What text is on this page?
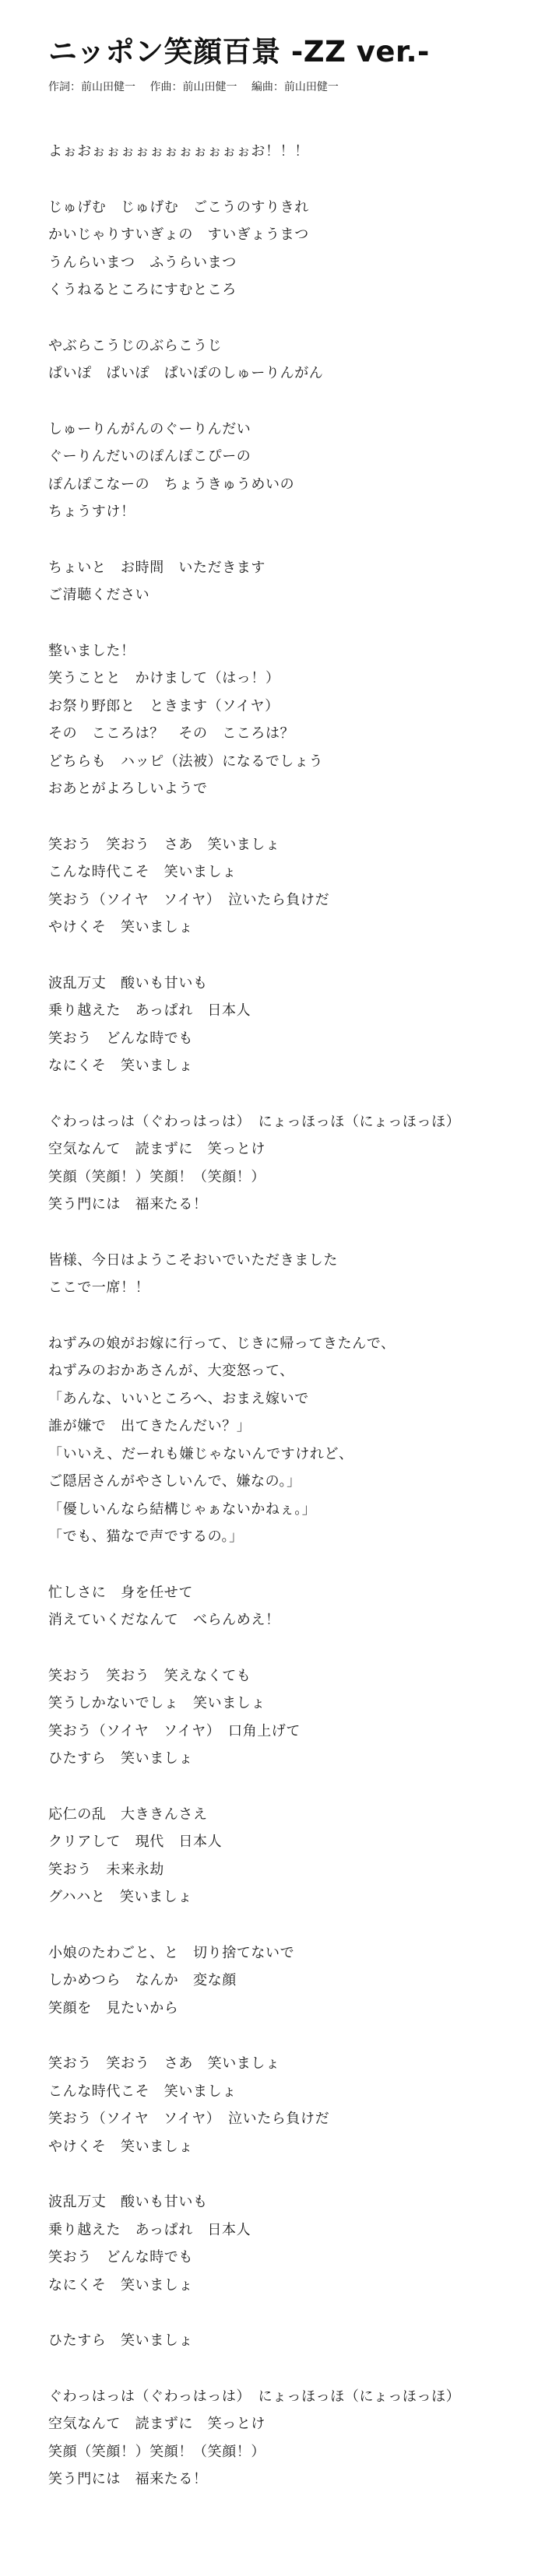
ニッポン笑顔百景 -ZZ ver.-
作詞：前山田健一 作曲：前山田健一 編曲：前山田健一
よぉおぉぉぉぉぉぉぉぉぉぉぉお！！！
じゅげむ　じゅげむ　ごこうのすりきれ
かいじゃりすいぎょの　すいぎょうまつ
うんらいまつ　ふうらいまつ
くうねるところにすむところ
やぶらこうじのぶらこうじ
ぱいぽ　ぱいぽ　ぱいぽのしゅーりんがん
しゅーりんがんのぐーりんだい
ぐーりんだいのぽんぽこぴーの
ぽんぽこなーの　ちょうきゅうめいの
ちょうすけ！
ちょいと　お時間　いただきます
ご清聴ください
整いました！
笑うことと　かけまして（はっ！）
お祭り野郎と　ときます（ソイヤ）
その　こころは？　その　こころは？
どちらも　ハッピ（法被）になるでしょう
おあとがよろしいようで
笑おう　笑おう　さあ　笑いましょ
こんな時代こそ　笑いましょ
笑おう（ソイヤ　ソイヤ）　泣いたら負けだ
やけくそ　笑いましょ
波乱万丈　酸いも甘いも
乗り越えた　あっぱれ　日本人
笑おう　どんな時でも
なにくそ　笑いましょ
ぐわっはっは（ぐわっはっは）　にょっほっほ（にょっほっほ）
空気なんて　読まずに　笑っとけ
笑顔（笑顔！）笑顔！（笑顔！）
笑う門には　福来たる！
皆様、今日はようこそおいでいただきました
ここで一席！！
ねずみの娘がお嫁に行って、じきに帰ってきたんで、
ねずみのおかあさんが、大変怒って、
「あんな、いいところへ、おまえ嫁いで
誰が嫌で　出てきたんだい？」
「いいえ、だーれも嫌じゃないんですけれど、
ご隠居さんがやさしいんで、嫌なの。」
「優しいんなら結構じゃぁないかねぇ。」
「でも、猫なで声でするの。」
忙しさに　身を任せて
消えていくだなんて　べらんめえ！
笑おう　笑おう　笑えなくても
笑うしかないでしょ　笑いましょ
笑おう（ソイヤ　ソイヤ）　口角上げて
ひたすら　笑いましょ
応仁の乱　大ききんさえ
クリアして　現代　日本人
笑おう　未来永劫
グハハと　笑いましょ
小娘のたわごと、と　切り捨てないで
しかめつら　なんか　変な顔
笑顔を　見たいから
笑おう　笑おう　さあ　笑いましょ
こんな時代こそ　笑いましょ
笑おう（ソイヤ　ソイヤ）　泣いたら負けだ
やけくそ　笑いましょ
波乱万丈　酸いも甘いも
乗り越えた　あっぱれ　日本人
笑おう　どんな時でも
なにくそ　笑いましょ
ひたすら　笑いましょ
ぐわっはっは（ぐわっはっは）　にょっほっほ（にょっほっほ）
空気なんて　読まずに　笑っとけ
笑顔（笑顔！）笑顔！（笑顔！）
笑う門には　福来たる！
